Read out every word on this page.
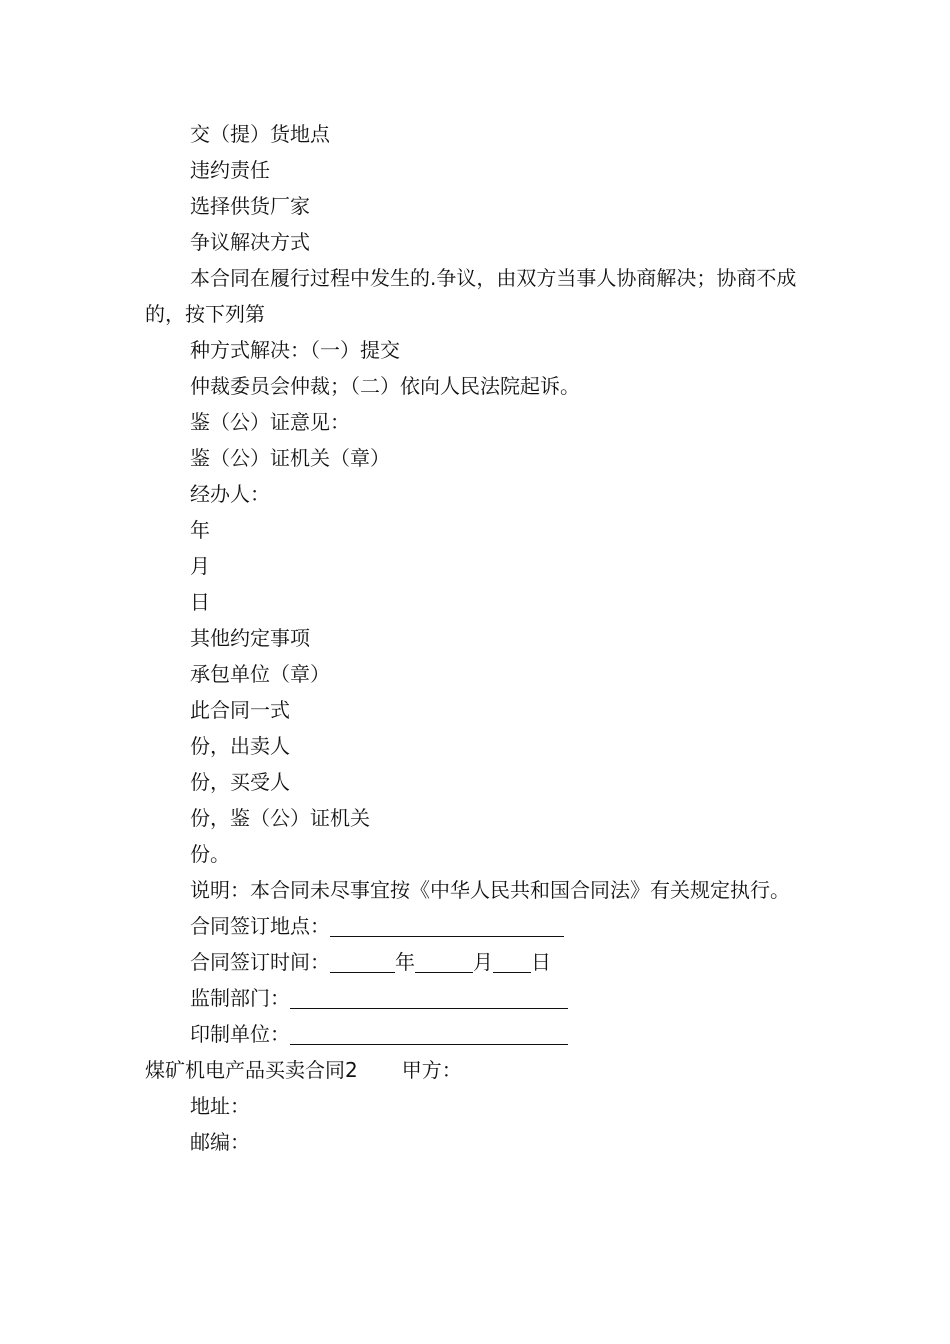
交（提）货地点
违约责任
选择供货厂家
争议解决方式
本合同在履行过程中发生的.争议，由双方当事人协商解决；协商不成的，按下列第
种方式解决：（一）提交
仲裁委员会仲裁；（二）依向人民法院起诉。
鉴（公）证意见：
鉴（公）证机关（章）
经办人：
年
月
日
其他约定事项
承包单位（章）
此合同一式
份，出卖人
份，买受人
份，鉴（公）证机关
份。
说明：本合同未尽事宜按《中华人民共和国合同法》有关规定执行。
合同签订地点：
合同签订时间：	年	月 日
监制部门：
印制单位：
煤矿机电产品买卖合同2 甲方：
地址：
邮编：
